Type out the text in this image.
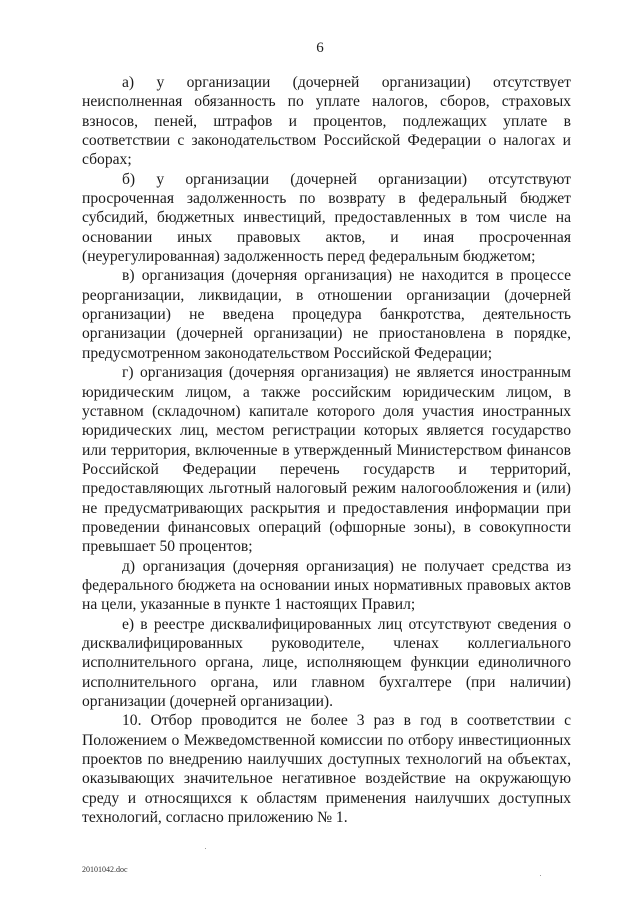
6

а) у организации (дочерней организации) отсутствует неисполненная обязанность по уплате налогов, сборов, страховых взносов, пеней, штрафов и процентов, подлежащих уплате в соответствии с законодательством Российской Федерации о налогах и сборах;

б) у организации (дочерней организации) отсутствуют просроченная задолженность по возврату в федеральный бюджет субсидий, бюджетных инвестиций, предоставленных в том числе на основании иных правовых актов, и иная просроченная (неурегулированная) задолженность перед федеральным бюджетом;

в) организация (дочерняя организация) не находится в процессе реорганизации, ликвидации, в отношении организации (дочерней организации) не введена процедура банкротства, деятельность организации (дочерней организации) не приостановлена в порядке, предусмотренном законодательством Российской Федерации;

г) организация (дочерняя организация) не является иностранным юридическим лицом, а также российским юридическим лицом, в уставном (складочном) капитале которого доля участия иностранных юридических лиц, местом регистрации которых является государство или территория, включенные в утвержденный Министерством финансов Российской Федерации перечень государств и территорий, предоставляющих льготный налоговый режим налогообложения и (или) не предусматривающих раскрытия и предоставления информации при проведении финансовых операций (офшорные зоны), в совокупности превышает 50 процентов;

д) организация (дочерняя организация) не получает средства из федерального бюджета на основании иных нормативных правовых актов на цели, указанные в пункте 1 настоящих Правил;

е) в реестре дисквалифицированных лиц отсутствуют сведения о дисквалифицированных руководителе, членах коллегиального исполнительного органа, лице, исполняющем функции единоличного исполнительного органа, или главном бухгалтере (при наличии) организации (дочерней организации).

10. Отбор проводится не более 3 раз в год в соответствии с Положением о Межведомственной комиссии по отбору инвестиционных проектов по внедрению наилучших доступных технологий на объектах, оказывающих значительное негативное воздействие на окружающую среду и относящихся к областям применения наилучших доступных технологий, согласно приложению № 1.

20101042.doc
